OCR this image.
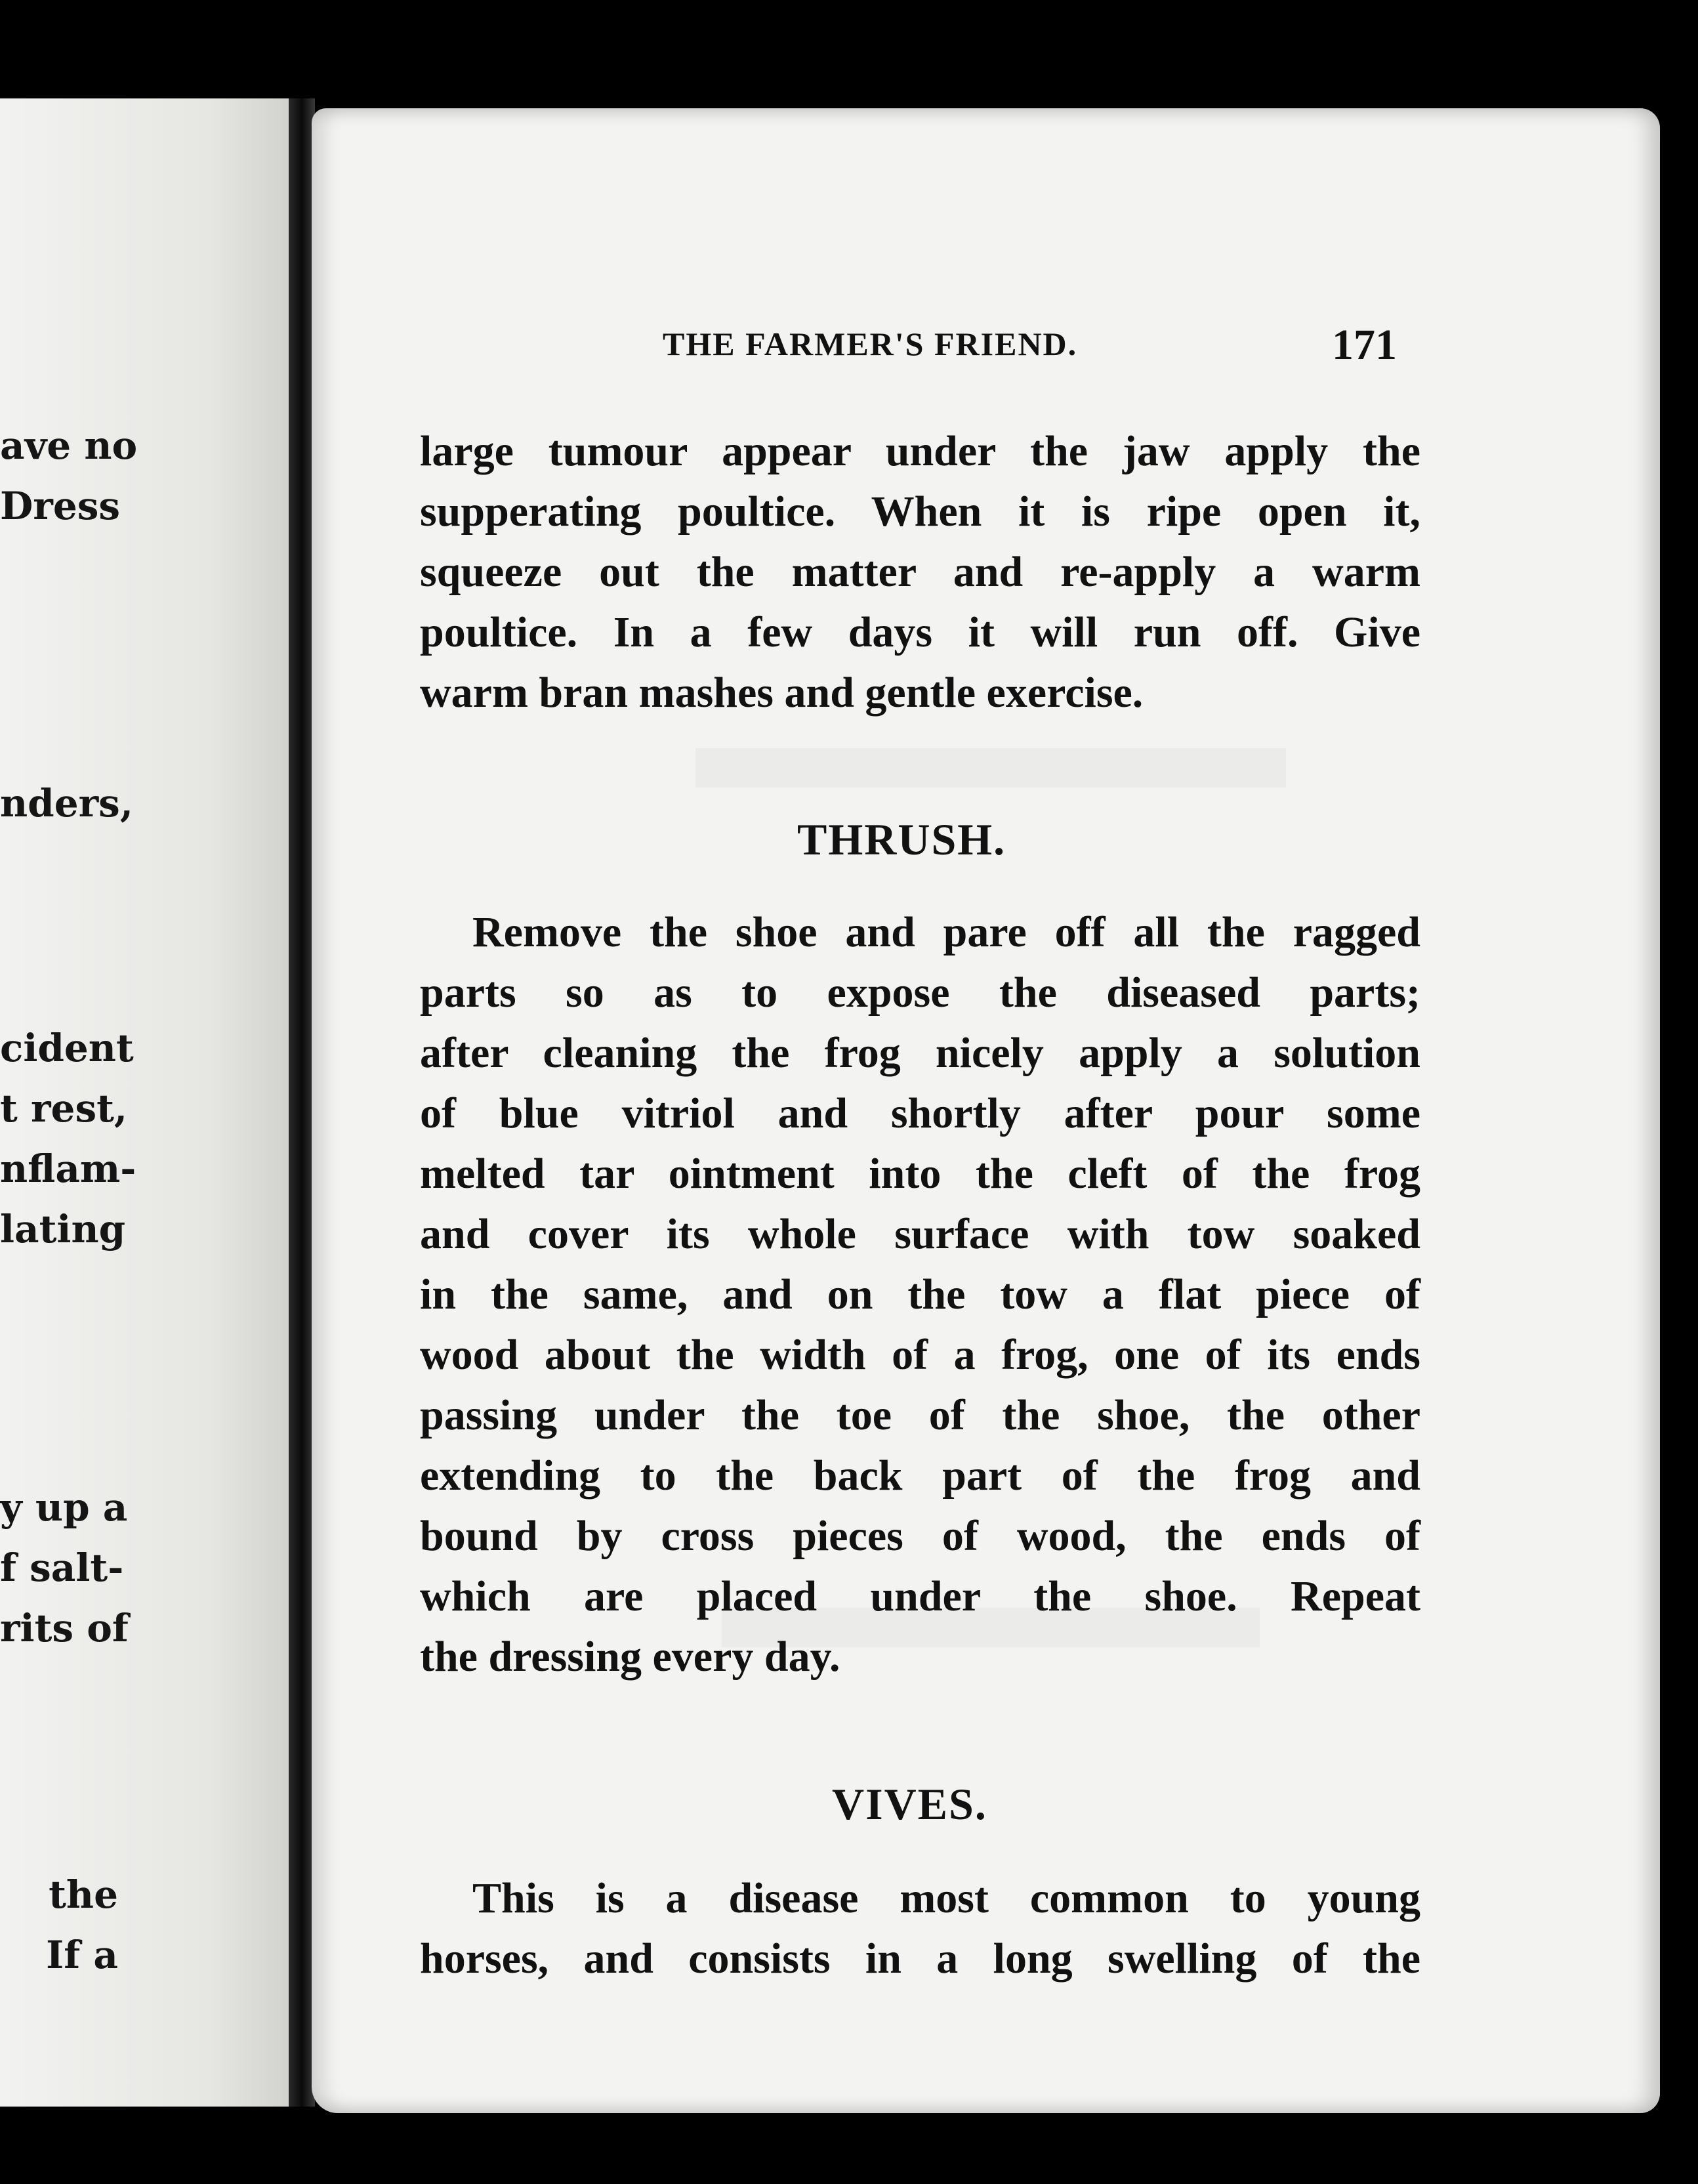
ave no
Dress
nders,
cident
t rest,
nflam-
lating
y up a
f salt-
rits of
the
If a
THE FARMER'S FRIEND.	171
large tumour appear under the jaw apply the
supperating poultice. When it is ripe open it,
squeeze out the matter and re-apply a warm
poultice. In a few days it will run off. Give
warm bran mashes and gentle exercise.
THRUSH.
Remove the shoe and pare off all the ragged
parts so as to expose the diseased parts;
after cleaning the frog nicely apply a solution
of blue vitriol and shortly after pour some
melted tar ointment into the cleft of the frog
and cover its whole surface with tow soaked
in the same, and on the tow a flat piece of
wood about the width of a frog, one of its ends
passing under the toe of the shoe, the other
extending to the back part of the frog and
bound by cross pieces of wood, the ends of
which are placed under the shoe. Repeat
the dressing every day.
VIVES.
This is a disease most common to young
horses, and consists in a long swelling of the
